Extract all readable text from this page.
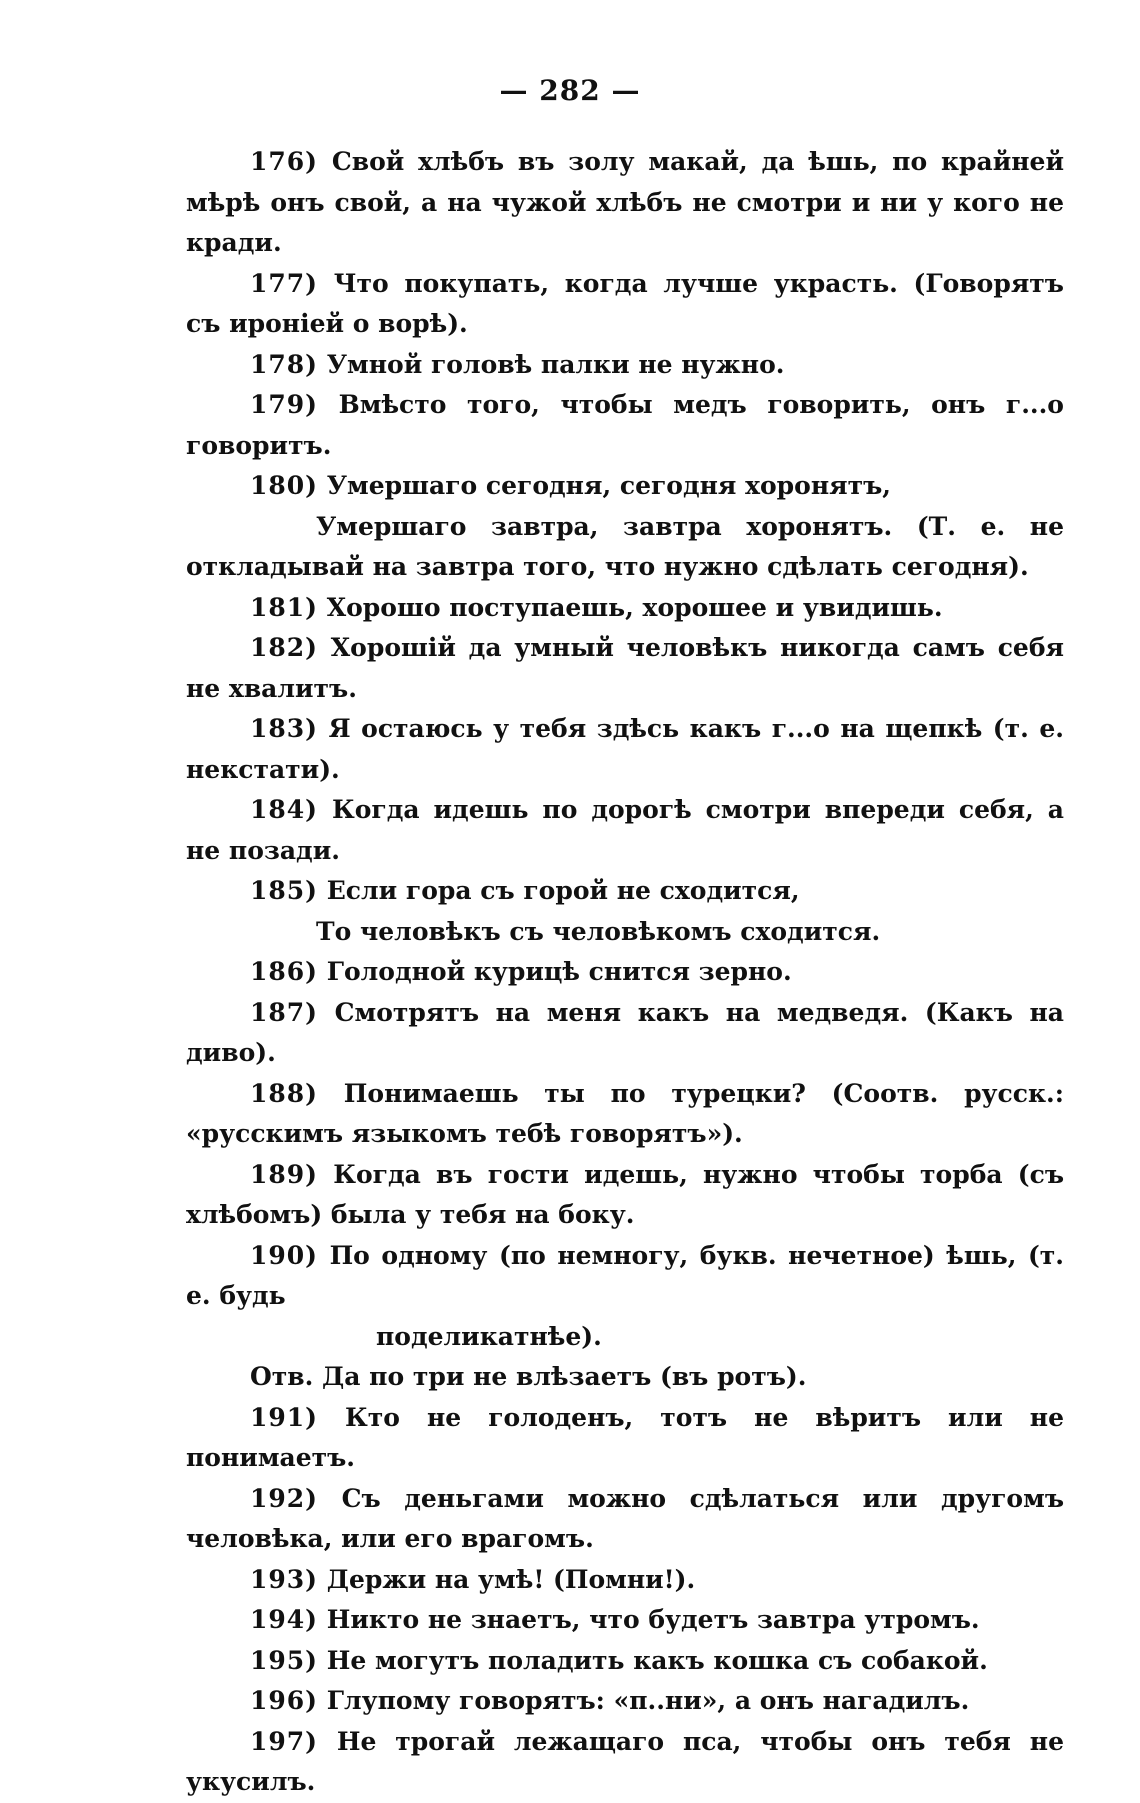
— 282 —

176) Свой хлѣбъ въ золу макай, да ѣшь, по крайней мѣрѣ онъ свой, а на чужой хлѣбъ не смотри и ни у кого не кради.

177) Что покупать, когда лучше украсть. (Говорятъ съ ироніей о ворѣ).

178) Умной головѣ палки не нужно.

179) Вмѣсто того, чтобы медъ говорить, онъ г...о говоритъ.

180) Умершаго сегодня, сегодня хоронятъ,

Умершаго завтра, завтра хоронятъ. (Т. е. не откладывай на завтра того, что нужно сдѣлать сегодня).

181) Хорошо поступаешь, хорошее и увидишь.

182) Хорошій да умный человѣкъ никогда самъ себя не хвалитъ.

183) Я остаюсь у тебя здѣсь какъ г...о на щепкѣ (т. е. некстати).

184) Когда идешь по дорогѣ смотри впереди себя, а не позади.

185) Если гора съ горой не сходится,

То человѣкъ съ человѣкомъ сходится.

186) Голодной курицѣ снится зерно.

187) Смотрятъ на меня какъ на медведя. (Какъ на диво).

188) Понимаешь ты по турецки? (Соотв. русск.: «русскимъ языкомъ тебѣ говорятъ»).

189) Когда въ гости идешь, нужно чтобы торба (съ хлѣбомъ) была у тебя на боку.

190) По одному (по немногу, букв. нечетное) ѣшь, (т. е. будь

поделикатнѣе).

Отв. Да по три не влѣзаетъ (въ ротъ).

191) Кто не голоденъ, тотъ не вѣритъ или не понимаетъ.

192) Съ деньгами можно сдѣлаться или другомъ человѣка, или его врагомъ.

193) Держи на умѣ! (Помни!).

194) Никто не знаетъ, что будетъ завтра утромъ.

195) Не могутъ поладить какъ кошка съ собакой.

196) Глупому говорятъ: «п..ни», а онъ нагадилъ.

197) Не трогай лежащаго пса, чтобы онъ тебя не укусилъ.
